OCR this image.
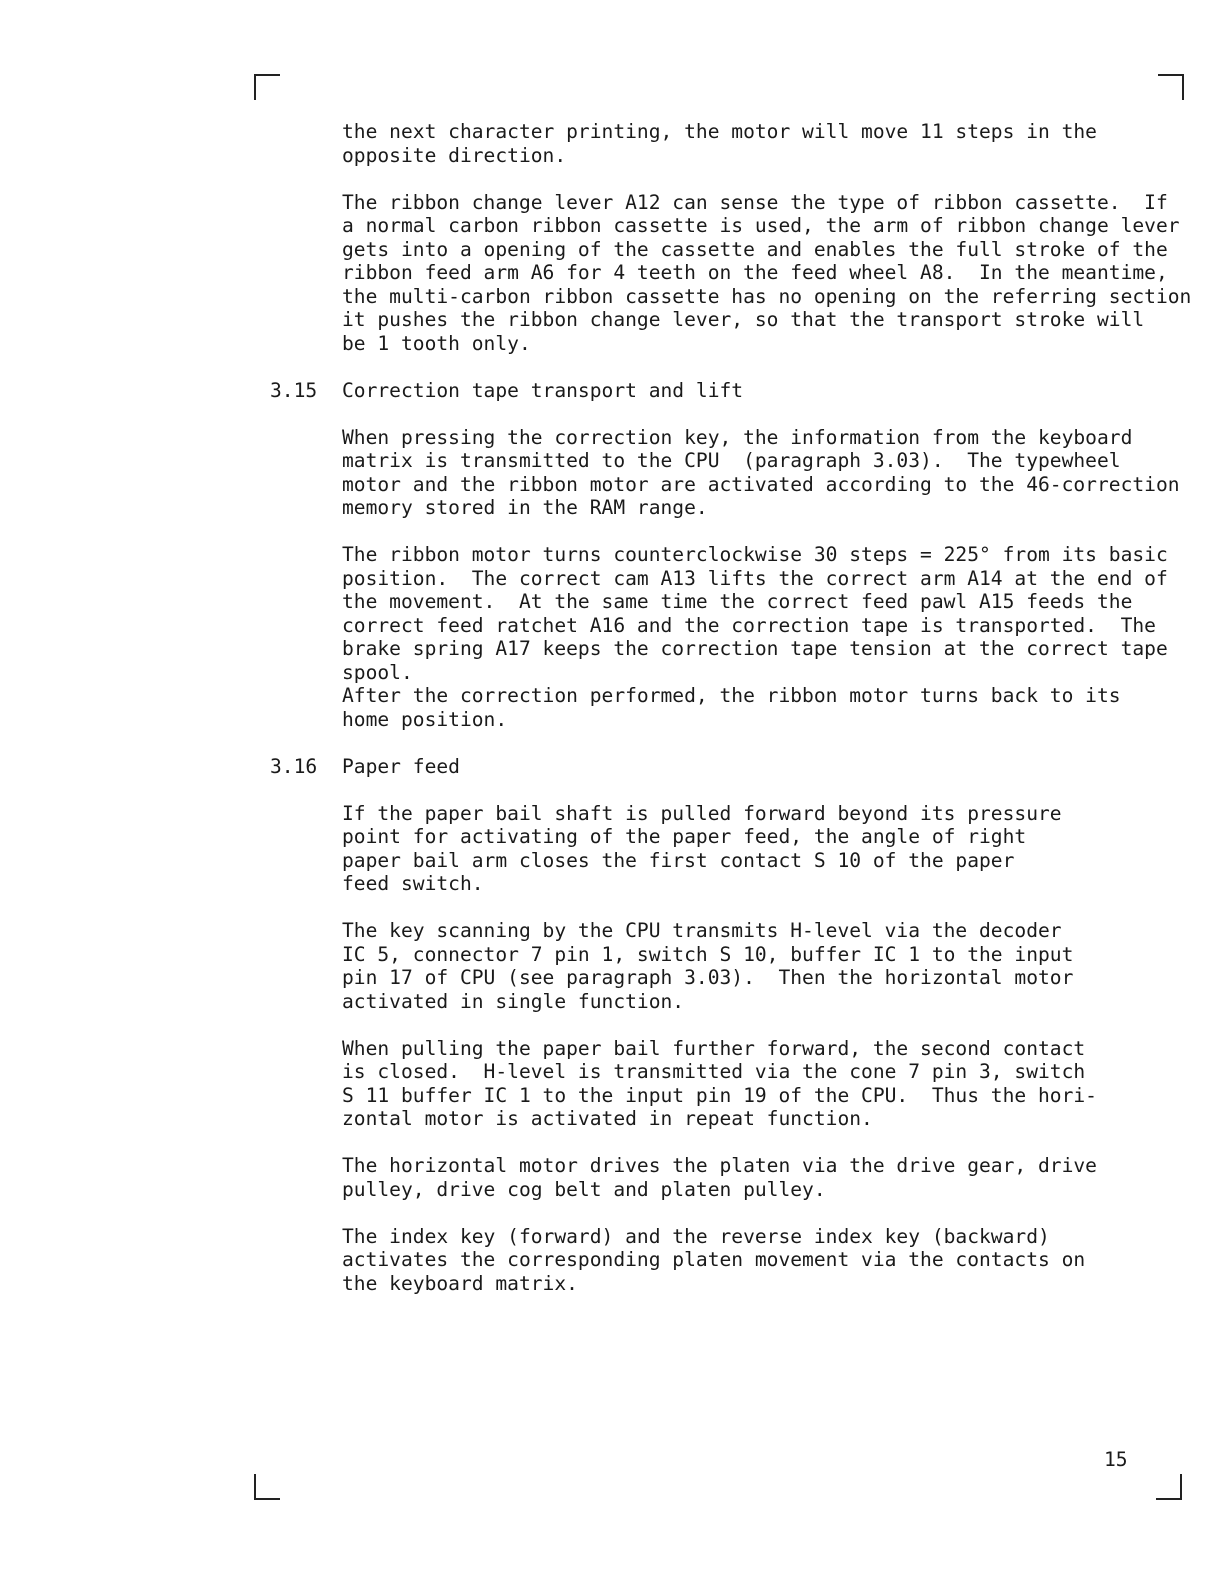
the next character printing, the motor will move 11 steps in the
opposite direction.
The ribbon change lever A12 can sense the type of ribbon cassette.  If
a normal carbon ribbon cassette is used, the arm of ribbon change lever
gets into a opening of the cassette and enables the full stroke of the
ribbon feed arm A6 for 4 teeth on the feed wheel A8.  In the meantime,
the multi-carbon ribbon cassette has no opening on the referring section
it pushes the ribbon change lever, so that the transport stroke will
be 1 tooth only.
3.15 Correction tape transport and lift
When pressing the correction key, the information from the keyboard
matrix is transmitted to the CPU  (paragraph 3.03).  The typewheel
motor and the ribbon motor are activated according to the 46-correction
memory stored in the RAM range.
The ribbon motor turns counterclockwise 30 steps = 225° from its basic
position.  The correct cam A13 lifts the correct arm A14 at the end of
the movement.  At the same time the correct feed pawl A15 feeds the
correct feed ratchet A16 and the correction tape is transported.  The
brake spring A17 keeps the correction tape tension at the correct tape
spool.
After the correction performed, the ribbon motor turns back to its
home position.
3.16 Paper feed
If the paper bail shaft is pulled forward beyond its pressure
point for activating of the paper feed, the angle of right
paper bail arm closes the first contact S 10 of the paper
feed switch.
The key scanning by the CPU transmits H-level via the decoder
IC 5, connector 7 pin 1, switch S 10, buffer IC 1 to the input
pin 17 of CPU (see paragraph 3.03).  Then the horizontal motor
activated in single function.
When pulling the paper bail further forward, the second contact
is closed.  H-level is transmitted via the cone 7 pin 3, switch
S 11 buffer IC 1 to the input pin 19 of the CPU.  Thus the hori-
zontal motor is activated in repeat function.
The horizontal motor drives the platen via the drive gear, drive
pulley, drive cog belt and platen pulley.
The index key (forward) and the reverse index key (backward)
activates the corresponding platen movement via the contacts on
the keyboard matrix.
15
